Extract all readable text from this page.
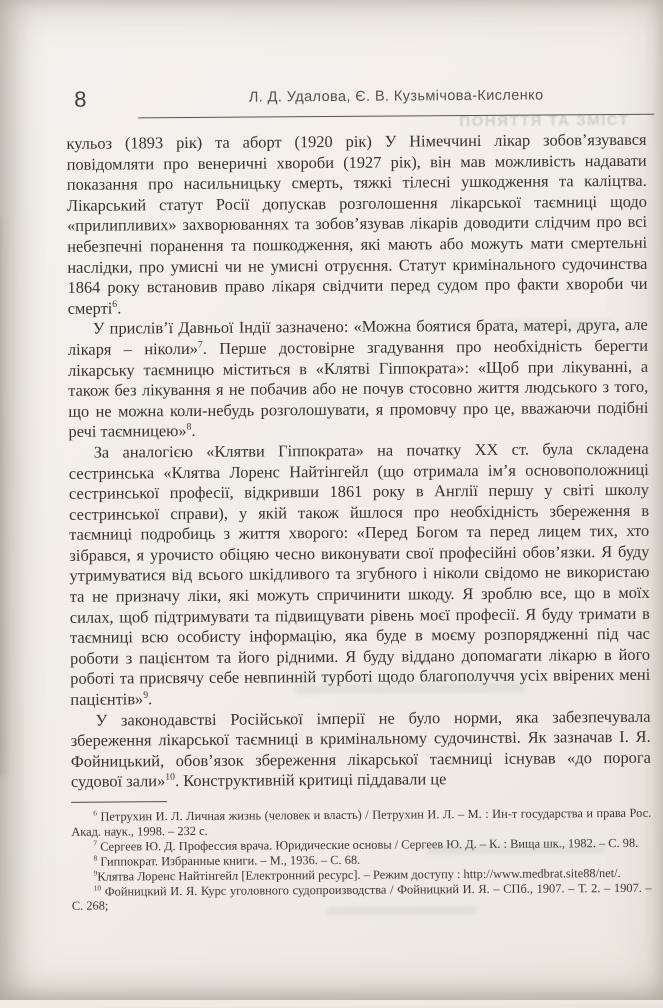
ПОНЯТТЯ ТА ЗМІСТ
8	Л. Д. Удалова, Є. В. Кузьмічова-Кисленко

кульоз (1893 рік) та аборт (1920 рік) У Німеччині лікар зобов’язувався повідомляти про венеричні хвороби (1927 рік), він мав можливість надавати показання про насильницьку смерть, тяжкі тілесні ушкодження та каліцтва. Лікарський статут Росії допускав розголошення лікарської таємниці щодо «прилипливих» захворюваннях та зобов’язував лікарів доводити слідчим про всі небезпечні поранення та пошкодження, які мають або можуть мати смертельні наслідки, про умисні чи не умисні отруєння. Статут кримінального судочинства 1864 року встановив право лікаря свідчити перед судом про факти хвороби чи смерті$^6$.

У прислів’ї Давньої Індії зазначено: «Можна боятися брата, матері, друга, але лікаря – ніколи»$^7$. Перше достовірне згадування про необхідність берегти лікарську таємницю міститься в «Клятві Гіппократа»: «Щоб при лікуванні, а також без лікування я не побачив або не почув стосовно життя людського з того, що не можна коли-небудь розголошувати, я промовчу про це, вважаючи подібні речі таємницею»$^8$.

За аналогією «Клятви Гіппократа» на початку ХХ ст. була складена сестринська «Клятва Лоренс Найтінгейл (що отримала ім’я основоположниці сестринської професії, відкривши 1861 року в Англії першу у світі школу сестринської справи), у якій також йшлося про необхідність збереження в таємниці подробиць з життя хворого: «Перед Богом та перед лицем тих, хто зібрався, я урочисто обіцяю чесно виконувати свої професійні обов’язки. Я буду утримуватися від всього шкідливого та згубного і ніколи свідомо не використаю та не призначу ліки, які можуть спричинити шкоду. Я зроблю все, що в моїх силах, щоб підтримувати та підвищувати рівень моєї професії. Я буду тримати в таємниці всю особисту інформацію, яка буде в моєму розпорядженні під час роботи з пацієнтом та його рідними. Я буду віддано допомагати лікарю в його роботі та присвячу себе невпинній турботі щодо благополуччя усіх ввірених мені пацієнтів»$^9$.

У законодавстві Російської імперії не було норми, яка забезпечувала збереження лікарської таємниці в кримінальному судочинстві. Як зазначав І. Я. Фойницький, обов’язок збереження лікарської таємниці існував «до порога судової зали»$^{10}$. Конструктивній критиці піддавали це

$^6$ Петрухин И. Л. Личная жизнь (человек и власть) / Петрухин И. Л. – М. : Ин-т государства и права Рос. Акад. наук., 1998. – 232 с.

$^7$ Сергеев Ю. Д. Профессия врача. Юридические основы / Сергеев Ю. Д. – К. : Вища шк., 1982. – С. 98.

$^8$ Гиппократ. Избранные книги. – М., 1936. – С. 68.

$^9$Клятва Лоренс Найтінгейл [Електронний ресурс]. – Режим доступу : http://www.medbrat.site88/net/.

$^{10}$ Фойницкий И. Я. Курс уголовного судопроизводства / Фойницкий И. Я. – СПб., 1907. – Т. 2. – 1907. – С. 268;
